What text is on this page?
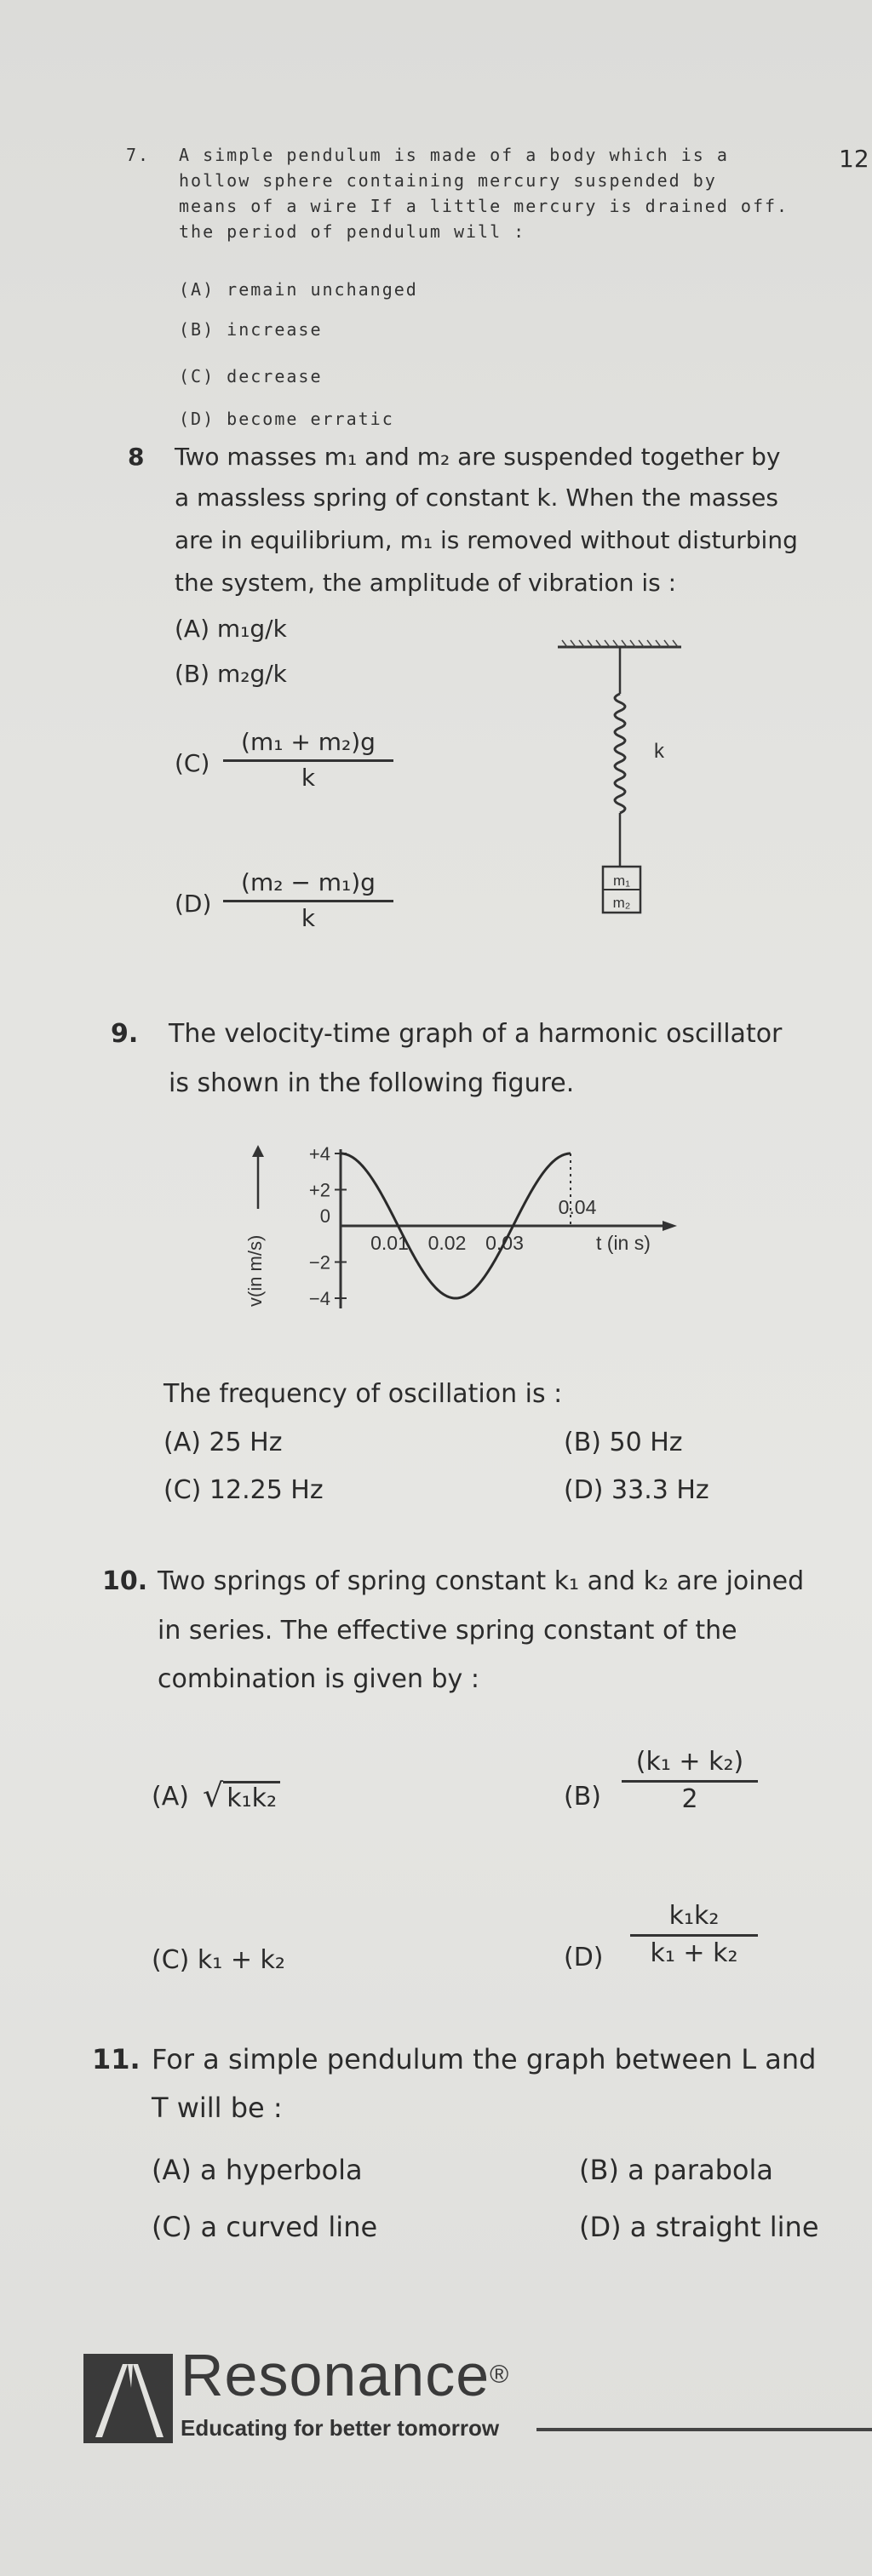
12
7. A simple pendulum is made of a body which is a
hollow sphere containing mercury suspended by
means of a wire If a little mercury is drained off.
the period of pendulum will :
(A) remain unchanged
(B) increase
(C) decrease
(D) become erratic
8 Two masses m₁ and m₂ are suspended together by
a massless spring of constant k. When the masses
are in equilibrium, m₁ is removed without disturbing
the system, the amplitude of vibration is :
(A) m₁g/k
(B) m₂g/k
(C)
(m₁ + m₂)g
k
(D)
(m₂ − m₁)g
k
k
m₁
m₂
9. The velocity-time graph of a harmonic oscillator
is shown in the following figure.
+4
+2
0
−2
−4
0.01 0.02 0.03
0.04
t (in s)
v(in m/s)
The frequency of oscillation is :
(A) 25 Hz	(B) 50 Hz
(C) 12.25 Hz	(D) 33.3 Hz
10. Two springs of spring constant k₁ and k₂ are joined
in series. The effective spring constant of the
combination is given by :
(A) √ k₁k₂	(B)
(k₁ + k₂)
2
(C) k₁ + k₂	(D)
k₁k₂
k₁ + k₂
11. For a simple pendulum the graph between L and
T will be :
(A) a hyperbola	(B) a parabola
(C) a curved line	(D) a straight line
Resonance®
Educating for better tomorrow
